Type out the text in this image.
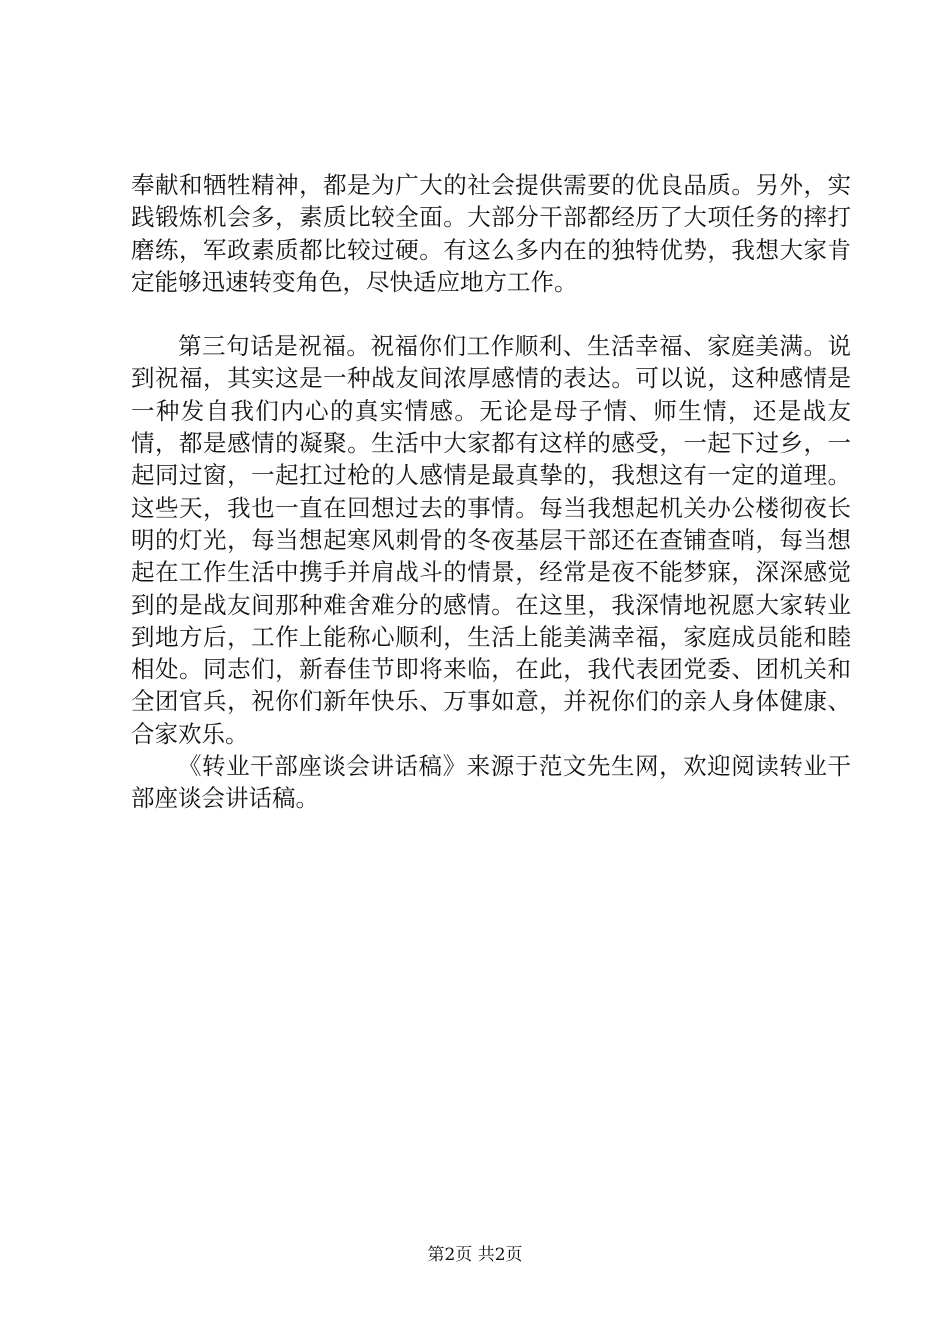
奉献和牺牲精神，都是为广大的社会提供需要的优良品质。另外，实践锻炼机会多，素质比较全面。大部分干部都经历了大项任务的摔打磨练，军政素质都比较过硬。有这么多内在的独特优势，我想大家肯定能够迅速转变角色，尽快适应地方工作。

第三句话是祝福。祝福你们工作顺利、生活幸福、家庭美满。说到祝福，其实这是一种战友间浓厚感情的表达。可以说，这种感情是一种发自我们内心的真实情感。无论是母子情、师生情，还是战友情，都是感情的凝聚。生活中大家都有这样的感受，一起下过乡，一起同过窗，一起扛过枪的人感情是最真挚的，我想这有一定的道理。这些天，我也一直在回想过去的事情。每当我想起机关办公楼彻夜长明的灯光，每当想起寒风刺骨的冬夜基层干部还在查铺查哨，每当想起在工作生活中携手并肩战斗的情景，经常是夜不能梦寐，深深感觉到的是战友间那种难舍难分的感情。在这里，我深情地祝愿大家转业到地方后，工作上能称心顺利，生活上能美满幸福，家庭成员能和睦相处。同志们，新春佳节即将来临，在此，我代表团党委、团机关和全团官兵，祝你们新年快乐、万事如意，并祝你们的亲人身体健康、合家欢乐。

《转业干部座谈会讲话稿》来源于范文先生网，欢迎阅读转业干部座谈会讲话稿。

第2页 共2页
